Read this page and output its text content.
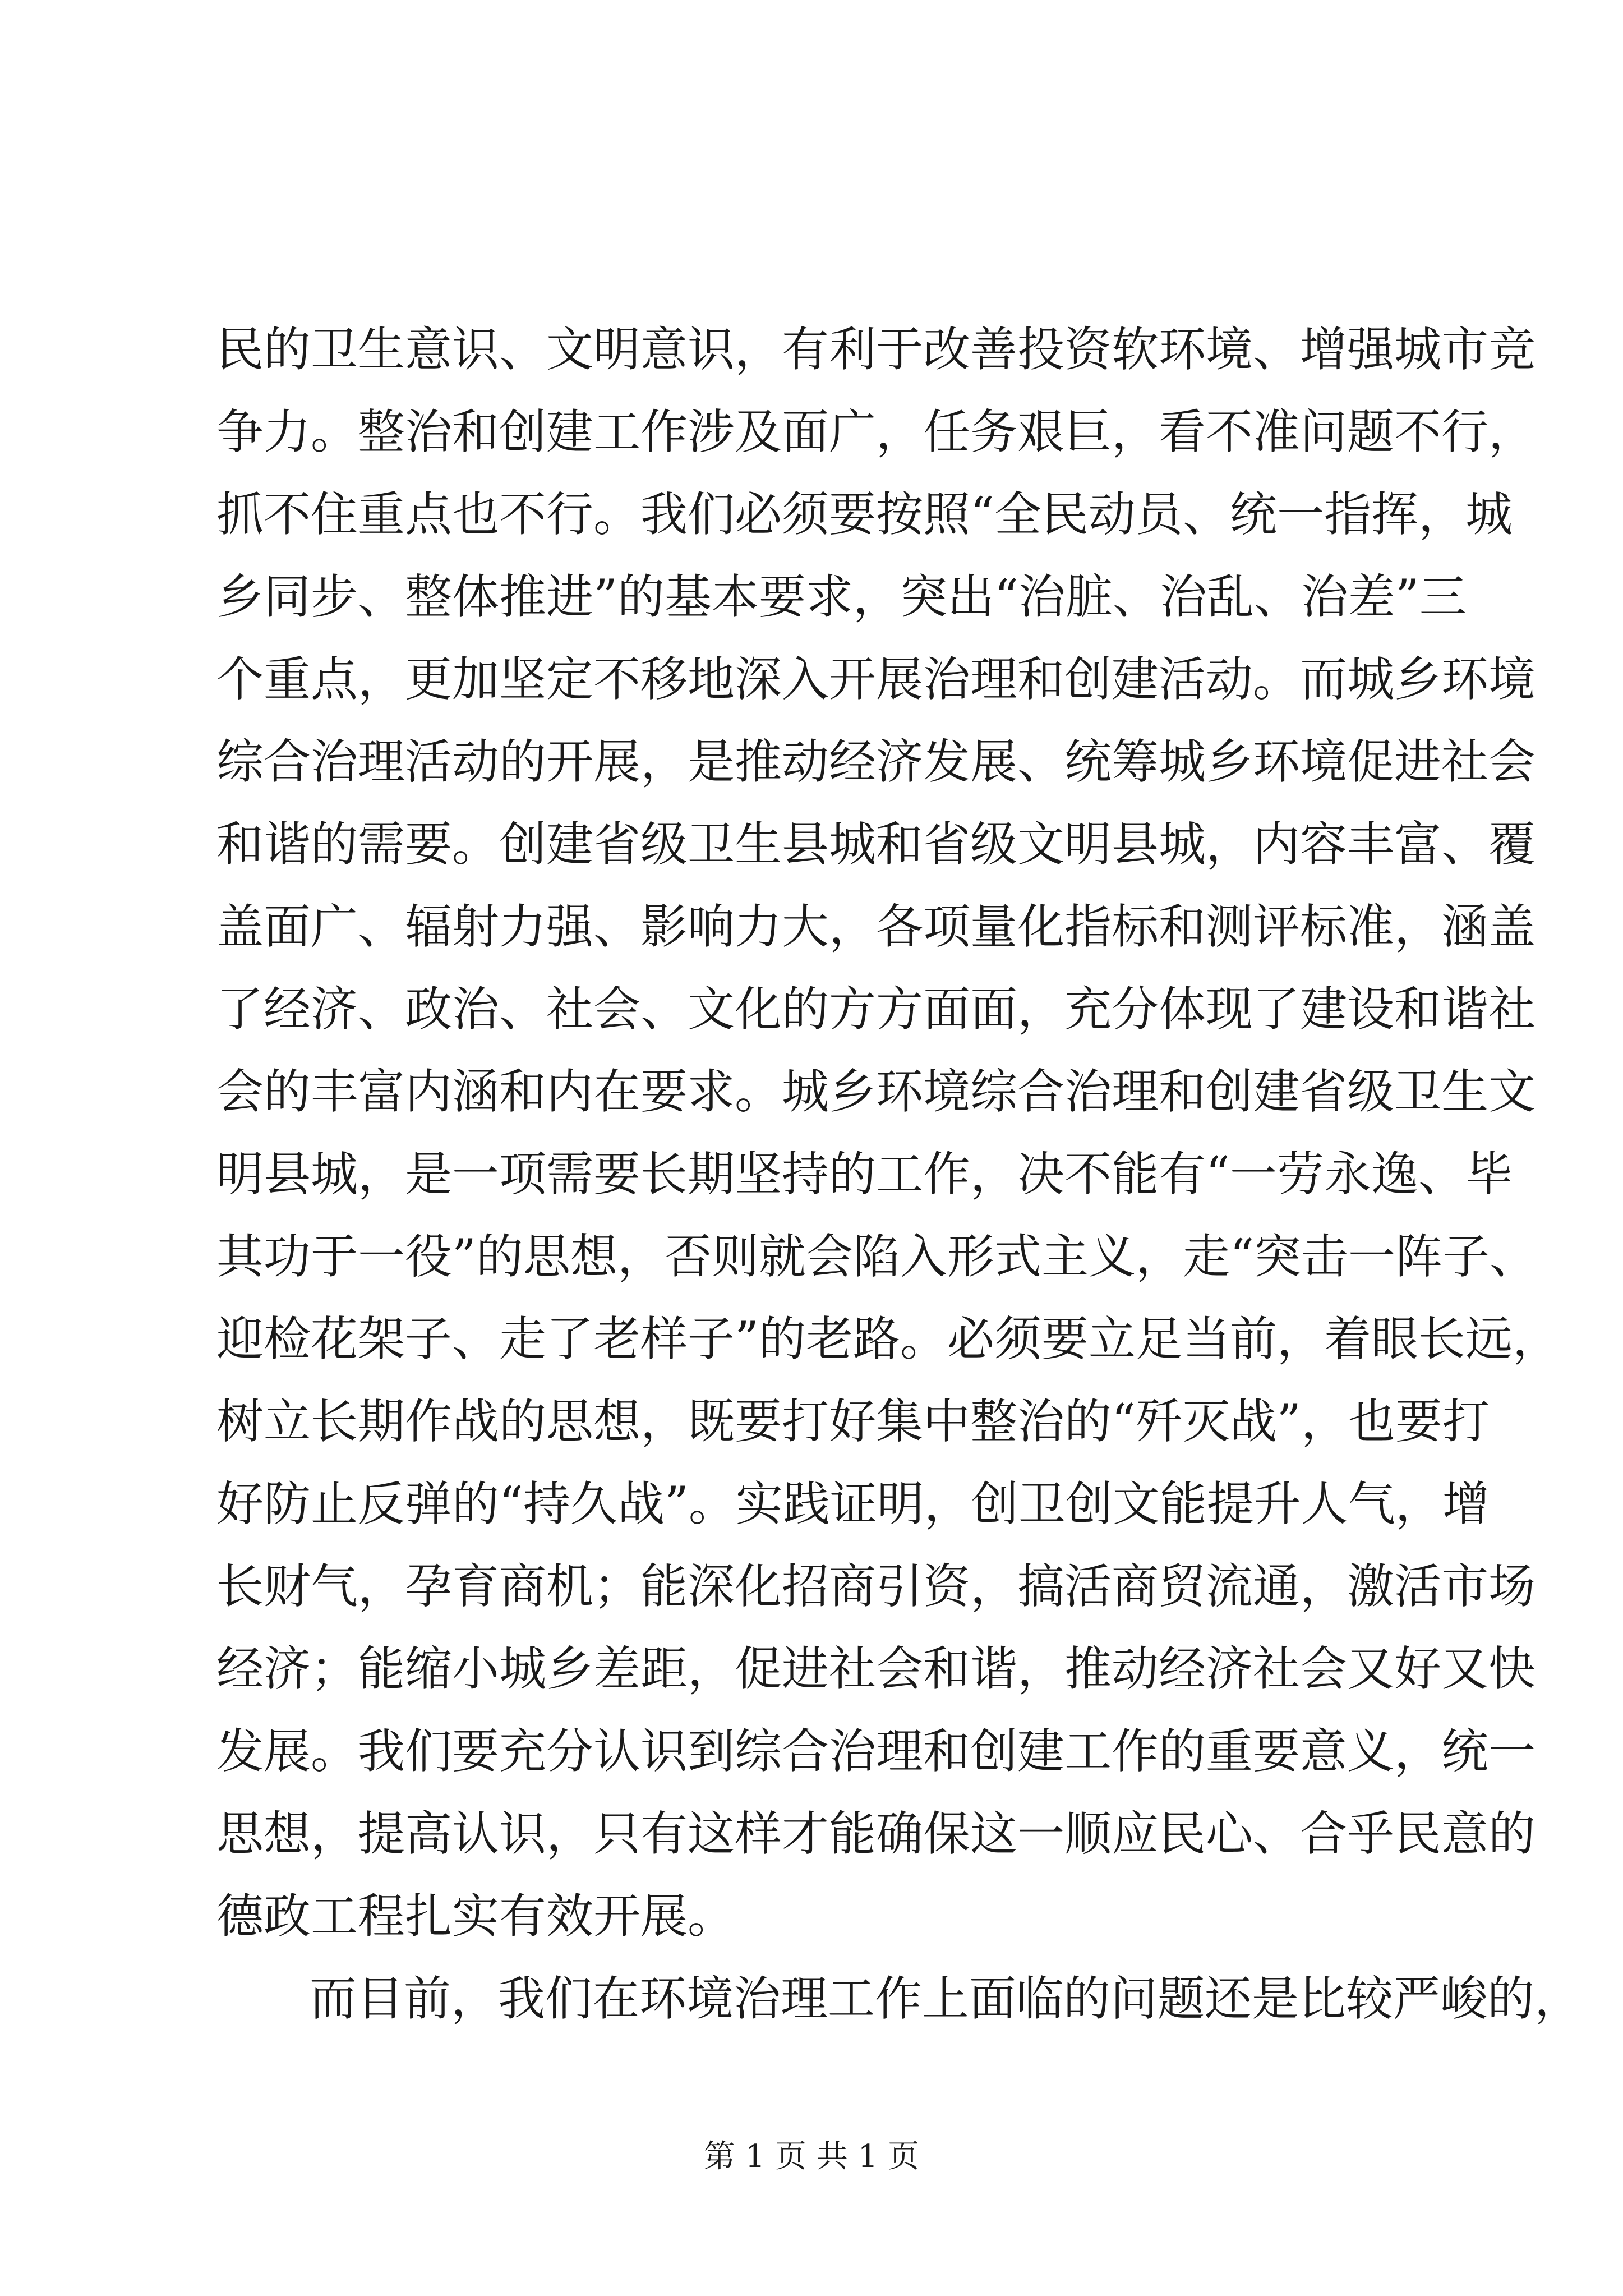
民的卫生意识、文明意识，有利于改善投资软环境、增强城市竞

争力。整治和创建工作涉及面广，任务艰巨，看不准问题不行，

抓不住重点也不行。我们必须要按照“全民动员、统一指挥，城

乡同步、整体推进”的基本要求，突出“治脏、治乱、治差”三

个重点，更加坚定不移地深入开展治理和创建活动。而城乡环境

综合治理活动的开展，是推动经济发展、统筹城乡环境促进社会

和谐的需要。创建省级卫生县城和省级文明县城，内容丰富、覆

盖面广、辐射力强、影响力大，各项量化指标和测评标准，涵盖

了经济、政治、社会、文化的方方面面，充分体现了建设和谐社

会的丰富内涵和内在要求。城乡环境综合治理和创建省级卫生文

明县城，是一项需要长期坚持的工作，决不能有“一劳永逸、毕

其功于一役”的思想，否则就会陷入形式主义，走“突击一阵子、

迎检花架子、走了老样子”的老路。必须要立足当前，着眼长远，

树立长期作战的思想，既要打好集中整治的“歼灭战”，也要打

好防止反弹的“持久战”。实践证明，创卫创文能提升人气，增

长财气，孕育商机；能深化招商引资，搞活商贸流通，激活市场

经济；能缩小城乡差距，促进社会和谐，推动经济社会又好又快

发展。我们要充分认识到综合治理和创建工作的重要意义，统一

思想，提高认识，只有这样才能确保这一顺应民心、合乎民意的

德政工程扎实有效开展。

而目前，我们在环境治理工作上面临的问题还是比较严峻的，

第 1 页 共 1 页
